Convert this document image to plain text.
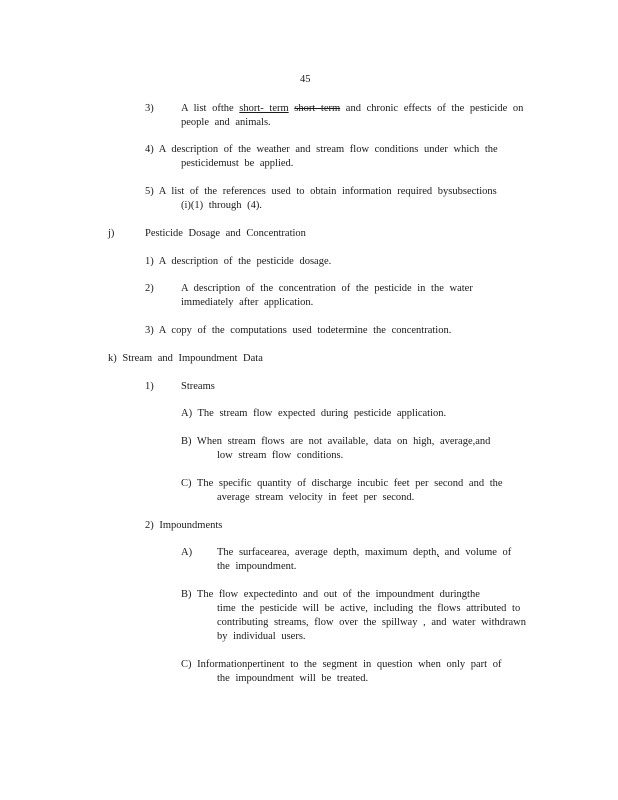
45
3)	A list ofthe short- term short term and chronic effects of the pesticide on
people and animals.
4) A description of the weather and stream flow conditions under which the
pesticidemust be applied.
5) A list of the references used to obtain information required bysubsections
(i)(1) through (4).
j)	Pesticide Dosage and Concentration
1) A description of the pesticide dosage.
2)	A description of the concentration of the pesticide in the water
immediately after application.
3) A copy of the computations used todetermine the concentration.
k) Stream and Impoundment Data
1)	Streams
A) The stream flow expected during pesticide application.
B) When stream flows are not available, data on high, average,and
low stream flow conditions.
C) The specific quantity of discharge incubic feet per second and the
average stream velocity in feet per second.
2) Impoundments
A) The surfacearea, average depth, maximum depth, and volume of
the impoundment.
B) The flow expectedinto and out of the impoundment duringthe
time the pesticide will be active, including the flows attributed to
contributing streams, flow over the spillway , and water withdrawn
by individual users.
C) Informationpertinent to the segment in question when only part of
the impoundment will be treated.
